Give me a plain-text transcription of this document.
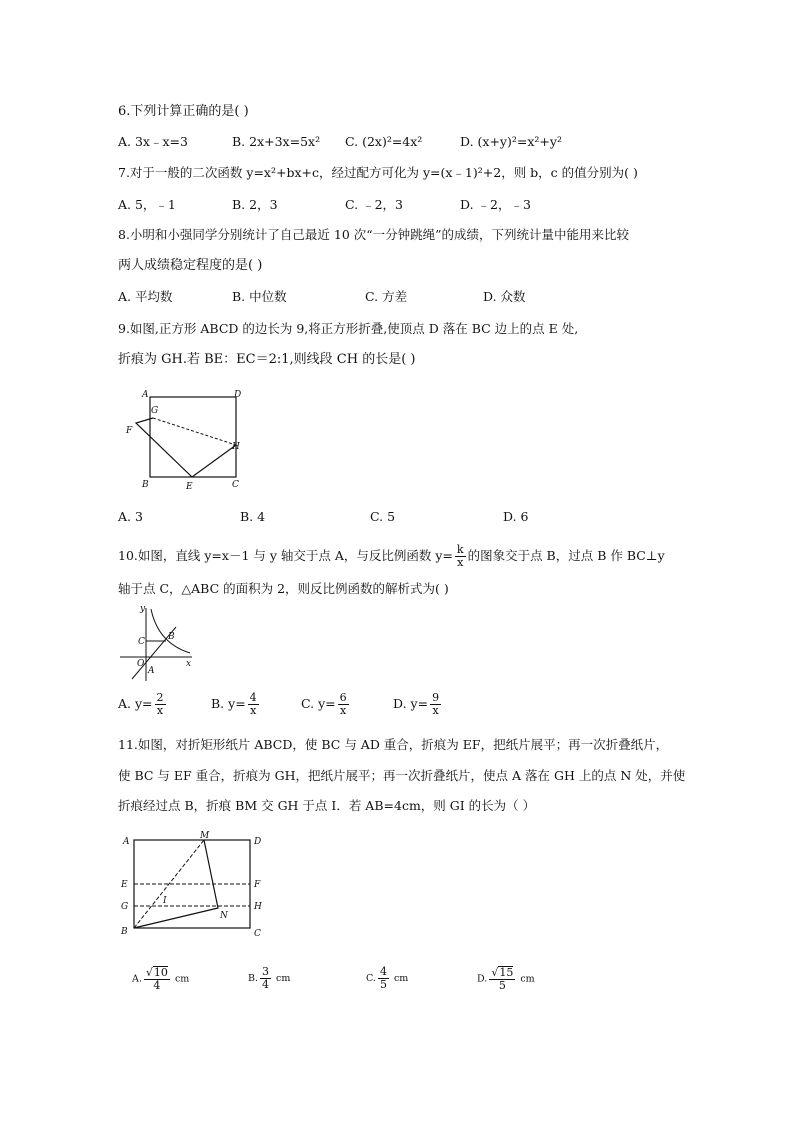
6.下列计算正确的是( )
A. 3x﹣x=3	B. 2x+3x=5x² C. (2x)²=4x²	D. (x+y)²=x²+y²
7.对于一般的二次函数 y=x²+bx+c，经过配方可化为 y=(x﹣1)²+2，则 b，c 的值分别为( )
A. 5，﹣1	B. 2，3	C. ﹣2，3	D. ﹣2，﹣3
8.小明和小强同学分别统计了自己最近 10 次“一分钟跳绳”的成绩，下列统计量中能用来比较
两人成绩稳定程度的是( )
A. 平均数	B. 中位数	C. 方差	D. 众数
9.如图,正方形 ABCD 的边长为 9,将正方形折叠,使顶点 D 落在 BC 边上的点 E 处,
折痕为 GH.若 BE：EC＝2:1,则线段 CH 的长是( )
A	D
G
F
H
B	E	C
A. 3	B. 4	C. 5	D. 6
10.如图，直线 y=x－1 与 y 轴交于点 A，与反比例函数 $y= \frac{k}{x}$ 的图象交于点 B，过点 B 作 BC⊥y
轴于点 C，△ABC 的面积为 2，则反比例函数的解析式为( )
y
C	B
O
A
x
A. $y= \frac{2}{x}$	B. $y= \frac{4}{x}$	C. $y= \frac{6}{x}$	D. $y= \frac{9}{x}$
11.如图，对折矩形纸片 ABCD，使 BC 与 AD 重合，折痕为 EF，把纸片展平；再一次折叠纸片，
使 BC 与 EF 重合，折痕为 GH，把纸片展平；再一次折叠纸片，使点 A 落在 GH 上的点 N 处，并使
折痕经过点 B，折痕 BM 交 GH 于点 I．若 AB=4cm，则 GI 的长为（ ）
A
M
D
E	F
G
I
H
N
B	C
A. $\frac{√10}{4}$ cm	B. $\frac{3}{4}$ cm	C. $\frac{4}{5}$ cm	D. $\frac{√15}{5}$ cm
